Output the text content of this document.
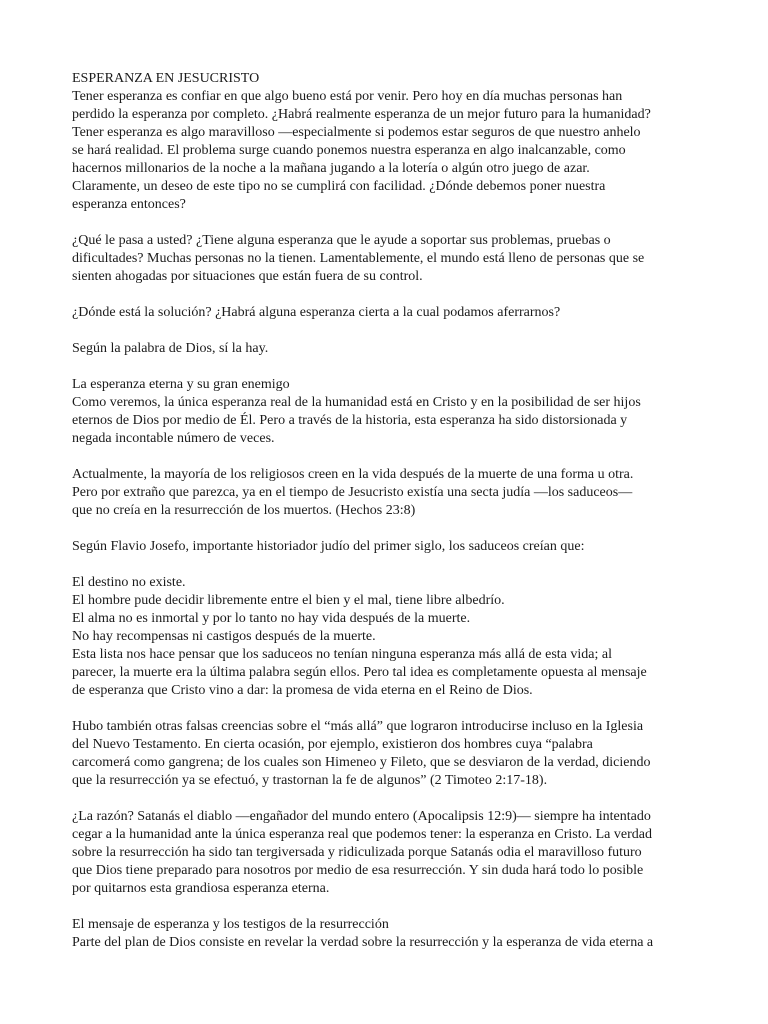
ESPERANZA EN JESUCRISTO
Tener esperanza es confiar en que algo bueno está por venir. Pero hoy en día muchas personas han
perdido la esperanza por completo. ¿Habrá realmente esperanza de un mejor futuro para la humanidad?
Tener esperanza es algo maravilloso —especialmente si podemos estar seguros de que nuestro anhelo
se hará realidad. El problema surge cuando ponemos nuestra esperanza en algo inalcanzable, como
hacernos millonarios de la noche a la mañana jugando a la lotería o algún otro juego de azar.
Claramente, un deseo de este tipo no se cumplirá con facilidad. ¿Dónde debemos poner nuestra
esperanza entonces?
¿Qué le pasa a usted? ¿Tiene alguna esperanza que le ayude a soportar sus problemas, pruebas o
dificultades? Muchas personas no la tienen. Lamentablemente, el mundo está lleno de personas que se
sienten ahogadas por situaciones que están fuera de su control.
¿Dónde está la solución? ¿Habrá alguna esperanza cierta a la cual podamos aferrarnos?
Según la palabra de Dios, sí la hay.
La esperanza eterna y su gran enemigo
Como veremos, la única esperanza real de la humanidad está en Cristo y en la posibilidad de ser hijos
eternos de Dios por medio de Él. Pero a través de la historia, esta esperanza ha sido distorsionada y
negada incontable número de veces.
Actualmente, la mayoría de los religiosos creen en la vida después de la muerte de una forma u otra.
Pero por extraño que parezca, ya en el tiempo de Jesucristo existía una secta judía —los saduceos—
que no creía en la resurrección de los muertos. (Hechos 23:8)
Según Flavio Josefo, importante historiador judío del primer siglo, los saduceos creían que:
El destino no existe.
El hombre pude decidir libremente entre el bien y el mal, tiene libre albedrío.
El alma no es inmortal y por lo tanto no hay vida después de la muerte.
No hay recompensas ni castigos después de la muerte.
Esta lista nos hace pensar que los saduceos no tenían ninguna esperanza más allá de esta vida; al
parecer, la muerte era la última palabra según ellos. Pero tal idea es completamente opuesta al mensaje
de esperanza que Cristo vino a dar: la promesa de vida eterna en el Reino de Dios.
Hubo también otras falsas creencias sobre el “más allá” que lograron introducirse incluso en la Iglesia
del Nuevo Testamento. En cierta ocasión, por ejemplo, existieron dos hombres cuya “palabra
carcomerá como gangrena; de los cuales son Himeneo y Fileto, que se desviaron de la verdad, diciendo
que la resurrección ya se efectuó, y trastornan la fe de algunos” (2 Timoteo 2:17-18).
¿La razón? Satanás el diablo —engañador del mundo entero (Apocalipsis 12:9)— siempre ha intentado
cegar a la humanidad ante la única esperanza real que podemos tener: la esperanza en Cristo. La verdad
sobre la resurrección ha sido tan tergiversada y ridiculizada porque Satanás odia el maravilloso futuro
que Dios tiene preparado para nosotros por medio de esa resurrección. Y sin duda hará todo lo posible
por quitarnos esta grandiosa esperanza eterna.
El mensaje de esperanza y los testigos de la resurrección
Parte del plan de Dios consiste en revelar la verdad sobre la resurrección y la esperanza de vida eterna a
